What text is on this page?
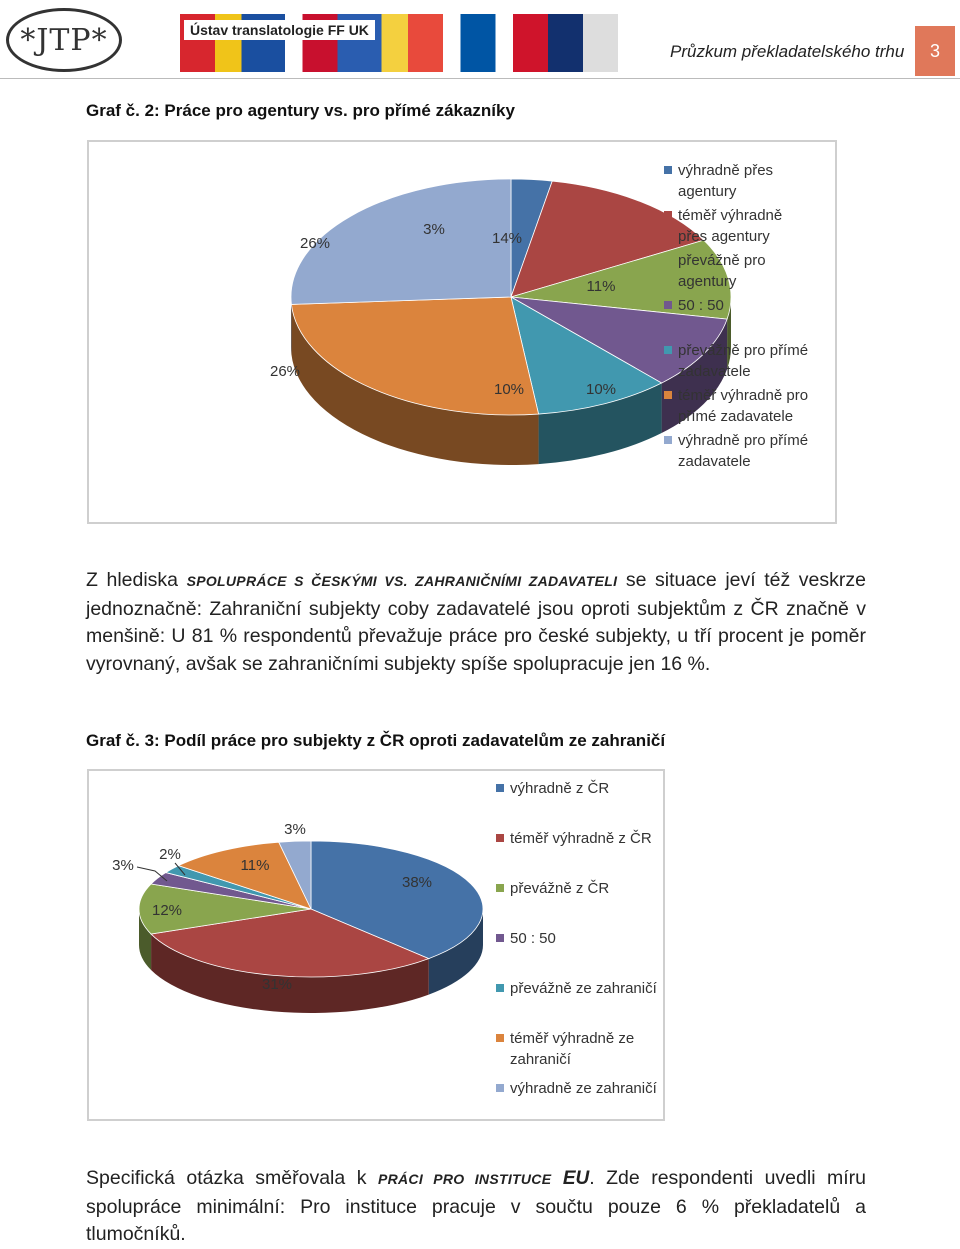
*JTP*	Ústav translatologie FF UK
Průzkum překladatelského trhu	3
Graf č. 2: Práce pro agentury vs. pro přímé zákazníky
3%
14%
11%
10%
10%
26%
26%
výhradně přes
agentury
téměř výhradně
přes agentury
převážně pro
agentury
50 : 50
převážně pro přímé
zadavatele
téměř výhradně pro
přímé zadavatele
výhradně pro přímé
zadavatele
Z hlediska SPOLUPRÁCE S ČESKÝMI VS. ZAHRANIČNÍMI ZADAVATELI se situace jeví též veskrze jednoznačně: Zahraniční subjekty coby zadavatelé jsou oproti subjektům z ČR značně v menšině: U 81 % respondentů převažuje práce pro české subjekty, u tří procent je poměr vyrovnaný, avšak se zahraničními subjekty spíše spolupracuje jen 16 %.
Graf č. 3: Podíl práce pro subjekty z ČR oproti zadavatelům ze zahraničí
38%
31%
12%
3%
2%
11%
3%
výhradně z ČR
téměř výhradně z ČR
převážně z ČR
50 : 50
převážně ze zahraničí
téměř výhradně ze
zahraničí
výhradně ze zahraničí
Specifická otázka směřovala k PRÁCI PRO INSTITUCE EU. Zde respondenti uvedli míru spolupráce minimální: Pro instituce pracuje v součtu pouze 6 % překladatelů a tlumočníků.
